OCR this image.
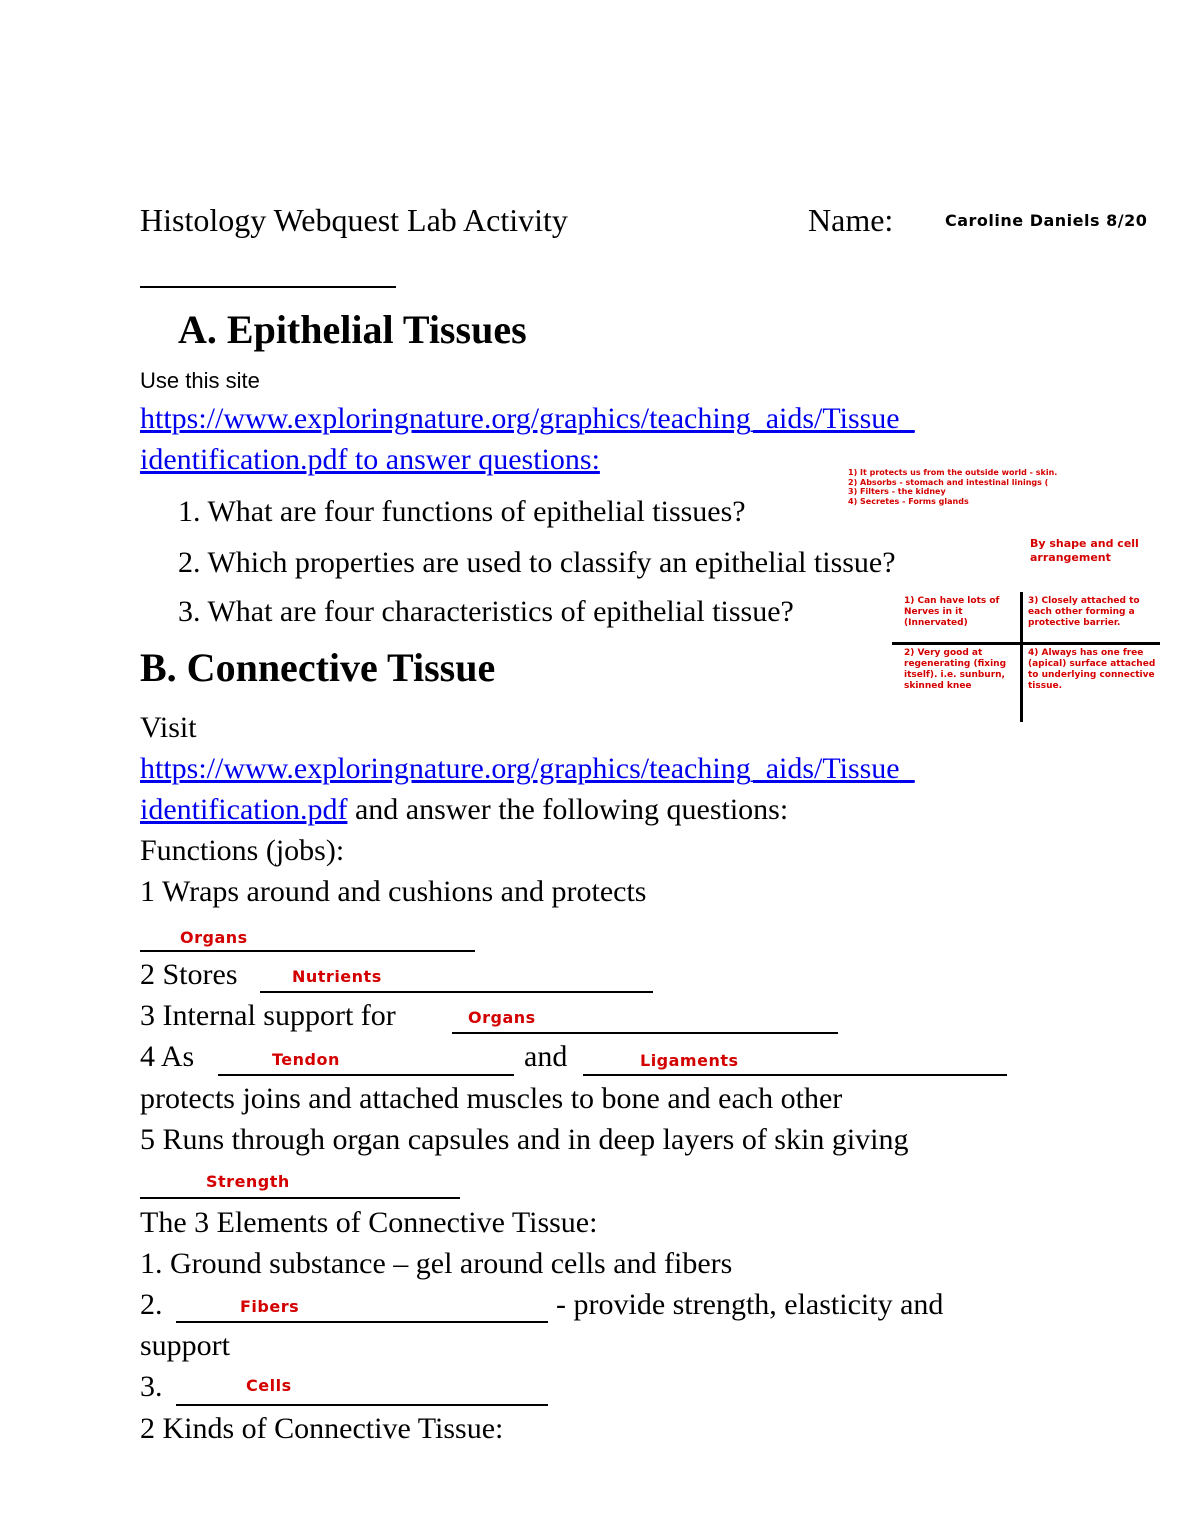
Histology Webquest Lab Activity	Name:	Caroline Daniels 8/20
A. Epithelial Tissues
Use this site
https://www.exploringnature.org/graphics/teaching_aids/Tissue_
identification.pdf to answer questions:
1. What are four functions of epithelial tissues?
2. Which properties are used to classify an epithelial tissue?
3. What are four characteristics of epithelial tissue?
1) It protects us from the outside world - skin.
2) Absorbs - stomach and intestinal linings (
3) Filters - the kidney
4) Secretes - Forms glands
By shape and cell arrangement
1) Can have lots of Nerves in it (Innervated)
3) Closely attached to each other forming a protective barrier.
2) Very good at regenerating (fixing itself). i.e. sunburn, skinned knee
4) Always has one free (apical) surface attached to underlying connective tissue.
B. Connective Tissue
Visit
https://www.exploringnature.org/graphics/teaching_aids/Tissue_
identification.pdf and answer the following questions:
Functions (jobs):
1 Wraps around and cushions and protects
Organs
2 Stores	Nutrients
3 Internal support for	Organs
4 As	Tendon	and	Ligaments
protects joins and attached muscles to bone and each other
5 Runs through organ capsules and in deep layers of skin giving
Strength
The 3 Elements of Connective Tissue:
1. Ground substance – gel around cells and fibers
2.	Fibers	- provide strength, elasticity and
support
3.	Cells
2 Kinds of Connective Tissue:
